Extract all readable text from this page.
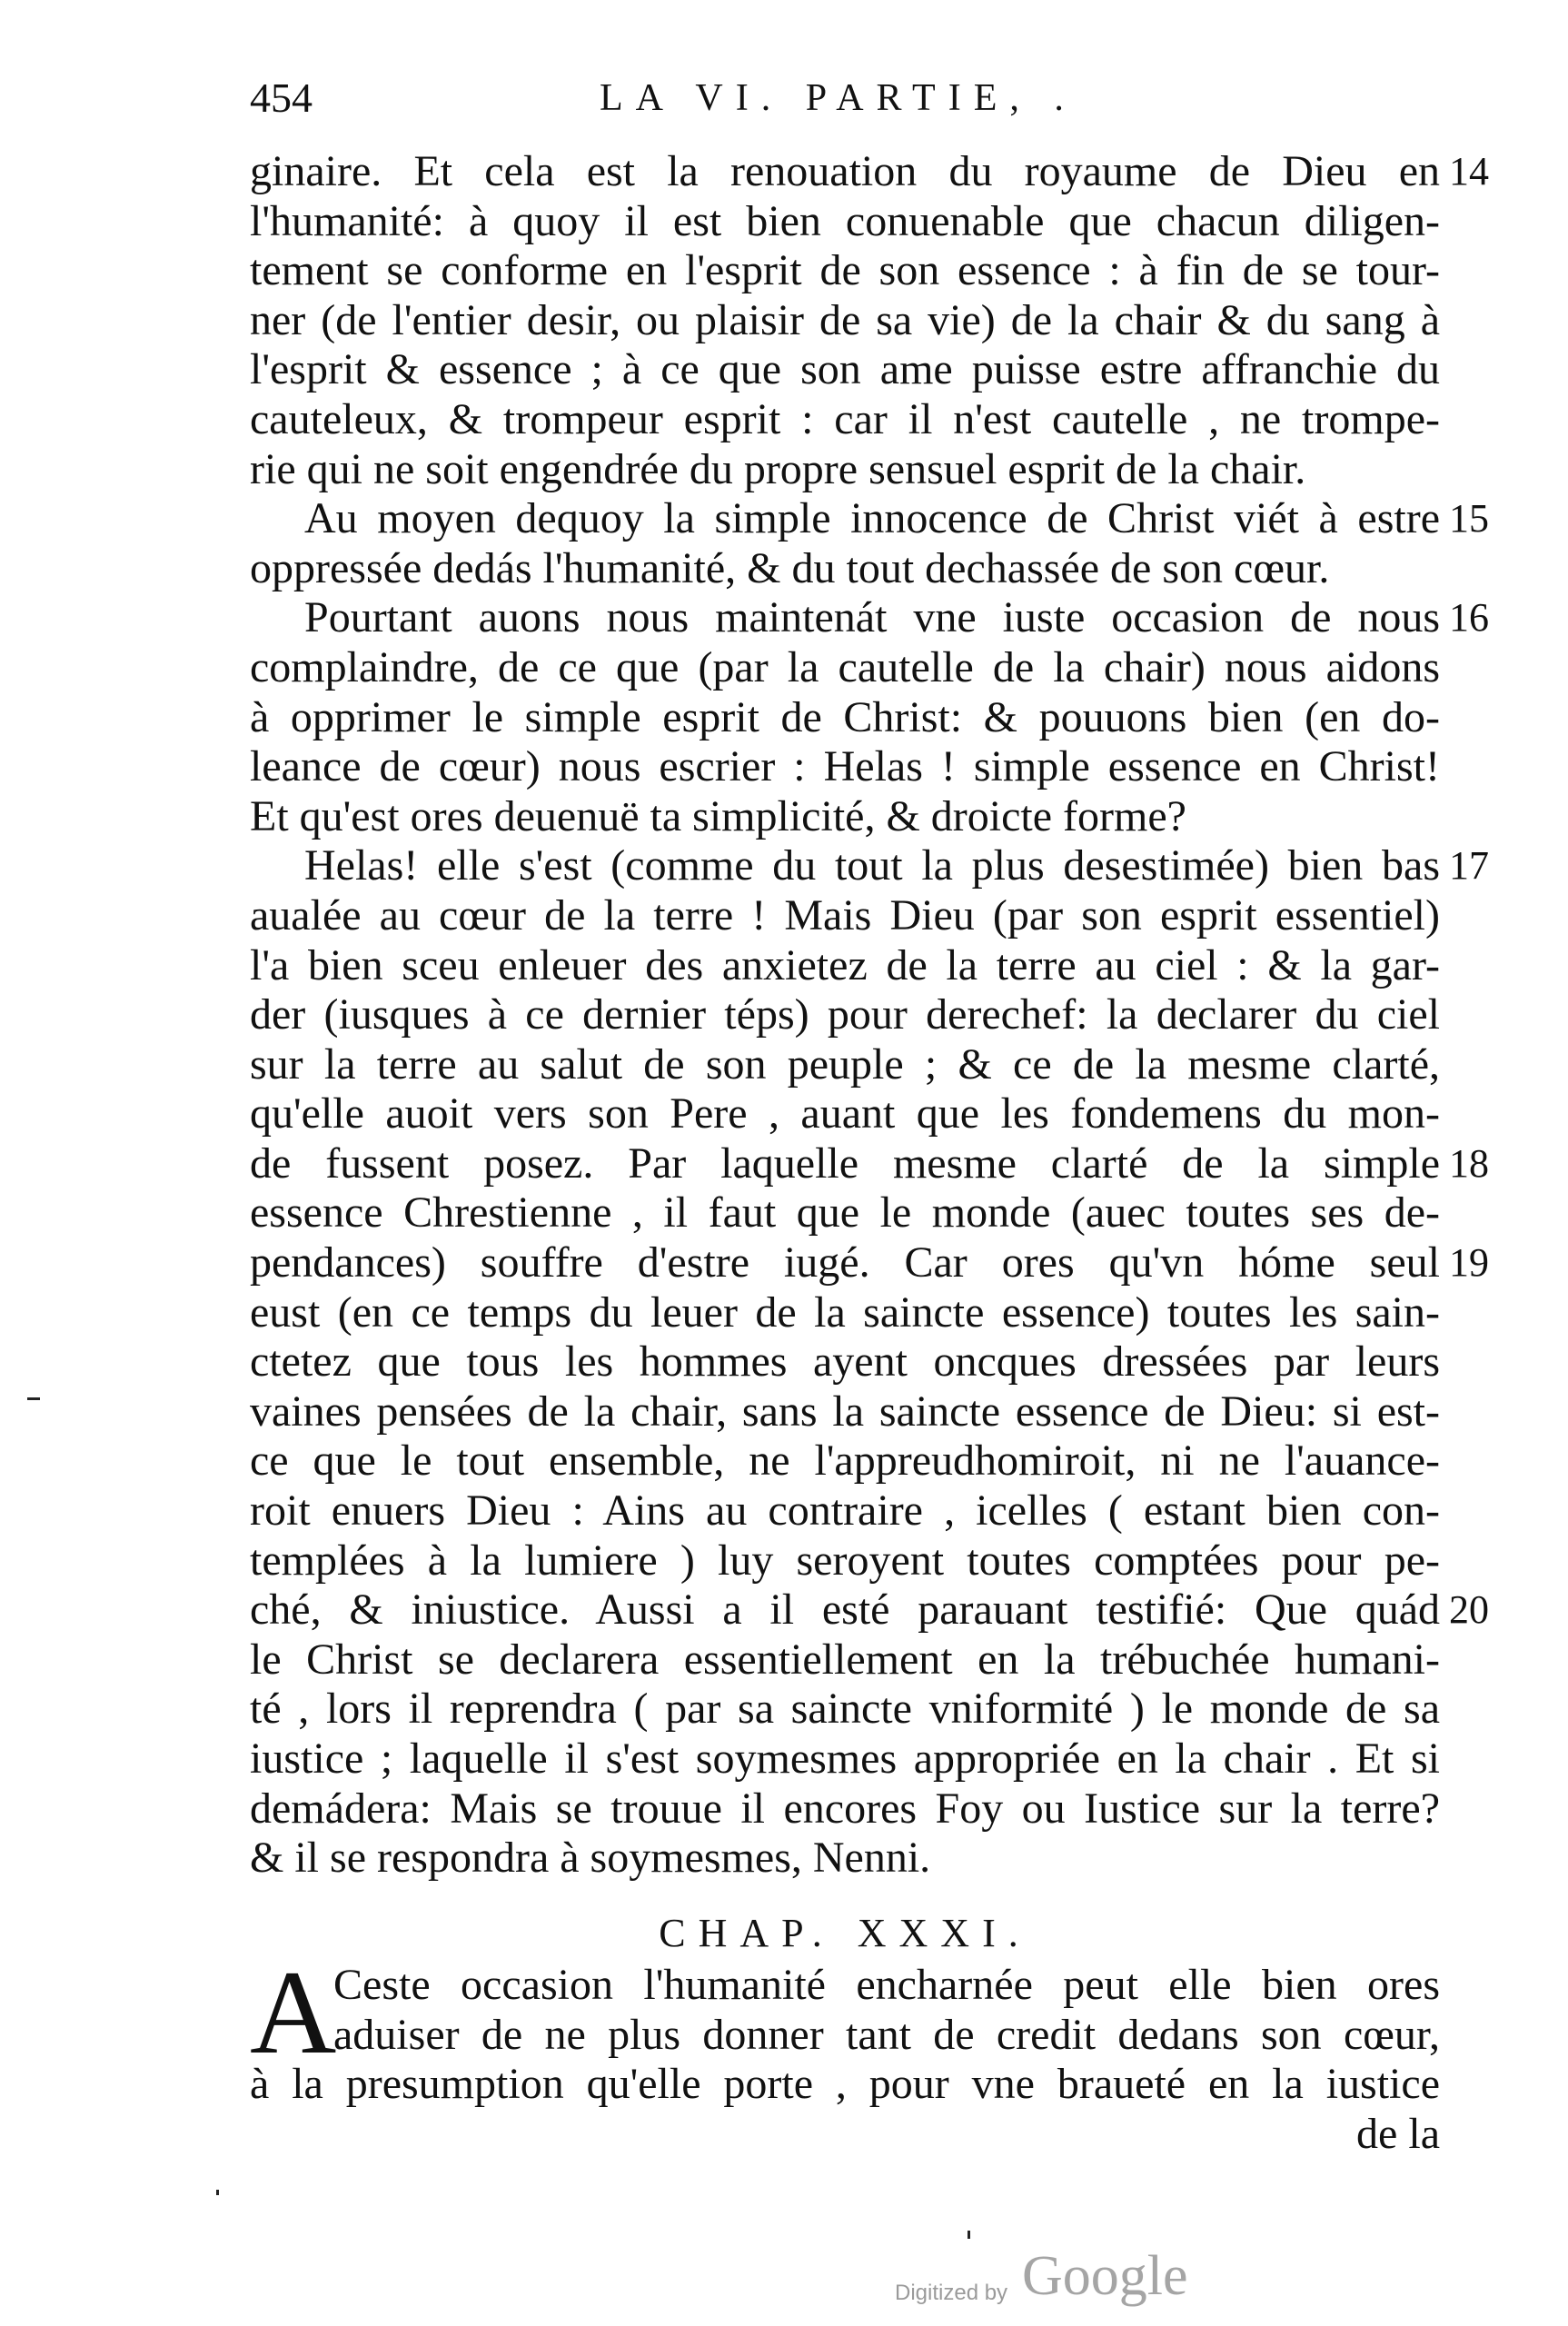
454	LA VI. PARTIE, .
ginaire. Et cela est la renouation du royaume de Dieu en
l'humanité: à quoy il est bien conuenable que chacun diligen-
tement se conforme en l'esprit de son essence : à fin de se tour-
ner (de l'entier desir, ou plaisir de sa vie) de la chair & du sang à
l'esprit & essence ; à ce que son ame puisse estre affranchie du
cauteleux, & trompeur esprit : car il n'est cautelle , ne trompe-
rie qui ne soit engendrée du propre sensuel esprit de la chair.
Au moyen dequoy la simple innocence de Christ viét à estre
oppressée dedás l'humanité, & du tout dechassée de son cœur.
Pourtant auons nous maintenát vne iuste occasion de nous
complaindre, de ce que (par la cautelle de la chair) nous aidons
à opprimer le simple esprit de Christ: & pouuons bien (en do-
leance de cœur) nous escrier : Helas ! simple essence en Christ!
Et qu'est ores deuenuë ta simplicité, & droicte forme?
Helas! elle s'est (comme du tout la plus desestimée) bien bas
aualée au cœur de la terre ! Mais Dieu (par son esprit essentiel)
l'a bien sceu enleuer des anxietez de la terre au ciel : & la gar-
der (iusques à ce dernier téps) pour derechef: la declarer du ciel
sur la terre au salut de son peuple ; & ce de la mesme clarté,
qu'elle auoit vers son Pere , auant que les fondemens du mon-
de fussent posez. Par laquelle mesme clarté de la simple
essence Chrestienne , il faut que le monde (auec toutes ses de-
pendances) souffre d'estre iugé. Car ores qu'vn hóme seul
eust (en ce temps du leuer de la saincte essence) toutes les sain-
ctetez que tous les hommes ayent oncques dressées par leurs
vaines pensées de la chair, sans la saincte essence de Dieu: si est-
ce que le tout ensemble, ne l'appreudhomiroit, ni ne l'auance-
roit enuers Dieu : Ains au contraire , icelles ( estant bien con-
templées à la lumiere ) luy seroyent toutes comptées pour pe-
ché, & iniustice. Aussi a il esté parauant testifié: Que quád
le Christ se declarera essentiellement en la trébuchée humani-
té , lors il reprendra ( par sa saincte vniformité ) le monde de sa
iustice ; laquelle il s'est soymesmes appropriée en la chair . Et si
demádera: Mais se trouue il encores Foy ou Iustice sur la terre?
& il se respondra à soymesmes, Nenni.
14
15
16
17
18
19
20
CHAP. XXXI.
A
Ceste occasion l'humanité encharnée peut elle bien ores
aduiser de ne plus donner tant de credit dedans son cœur,
à la presumption qu'elle porte , pour vne braueté en la iustice
de la
Digitized by Google
